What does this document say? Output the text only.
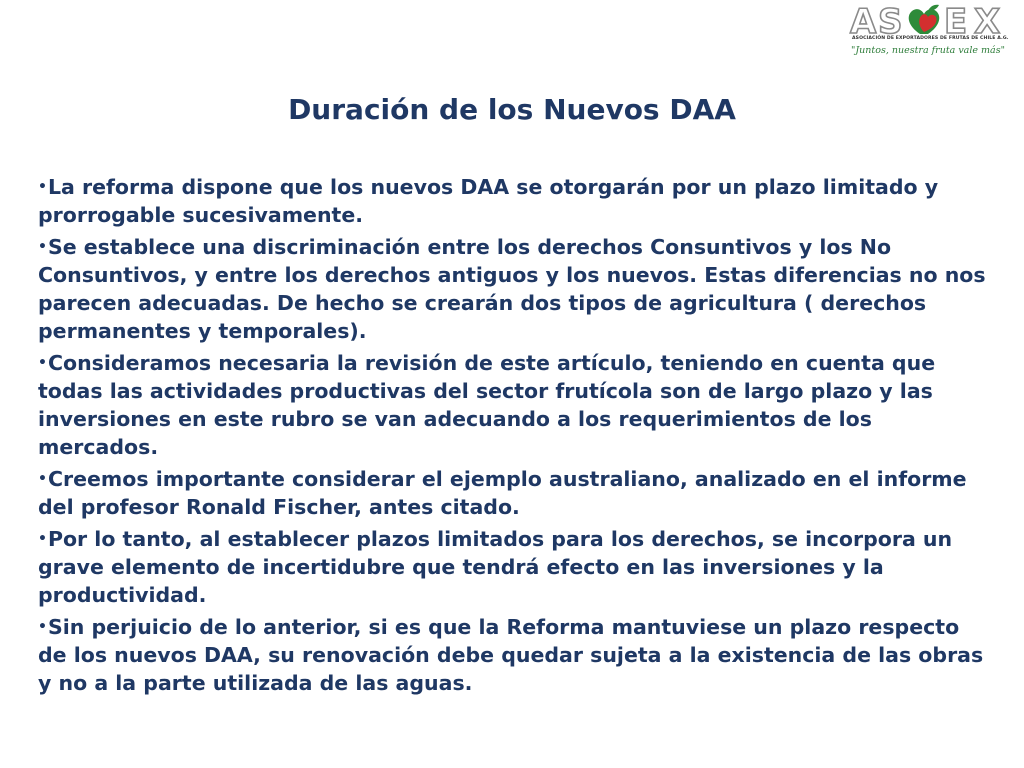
A S E X
ASOCIACIÓN DE EXPORTADORES DE FRUTAS DE CHILE A.G.
"Juntos, nuestra fruta vale más"
Duración de los Nuevos DAA
•La reforma dispone que los nuevos DAA se otorgarán por un plazo limitado y prorrogable sucesivamente.
•Se establece una discriminación entre los derechos Consuntivos y los No Consuntivos, y entre los derechos antiguos y los nuevos. Estas diferencias no nos parecen adecuadas. De hecho se crearán dos tipos de agricultura ( derechos permanentes y temporales).
•Consideramos necesaria la revisión de este artículo, teniendo en cuenta que todas las actividades productivas del sector frutícola son de largo plazo y las inversiones en este rubro se van adecuando a los requerimientos de los mercados.
•Creemos importante considerar el ejemplo australiano, analizado en el informe del profesor Ronald Fischer, antes citado.
•Por lo tanto, al establecer plazos limitados para los derechos, se incorpora un grave elemento de incertidubre que tendrá efecto en las inversiones y la productividad.
•Sin perjuicio de lo anterior, si es que la Reforma mantuviese un plazo respecto de los nuevos DAA, su renovación debe quedar sujeta a la existencia de las obras y no a la parte utilizada de las aguas.
